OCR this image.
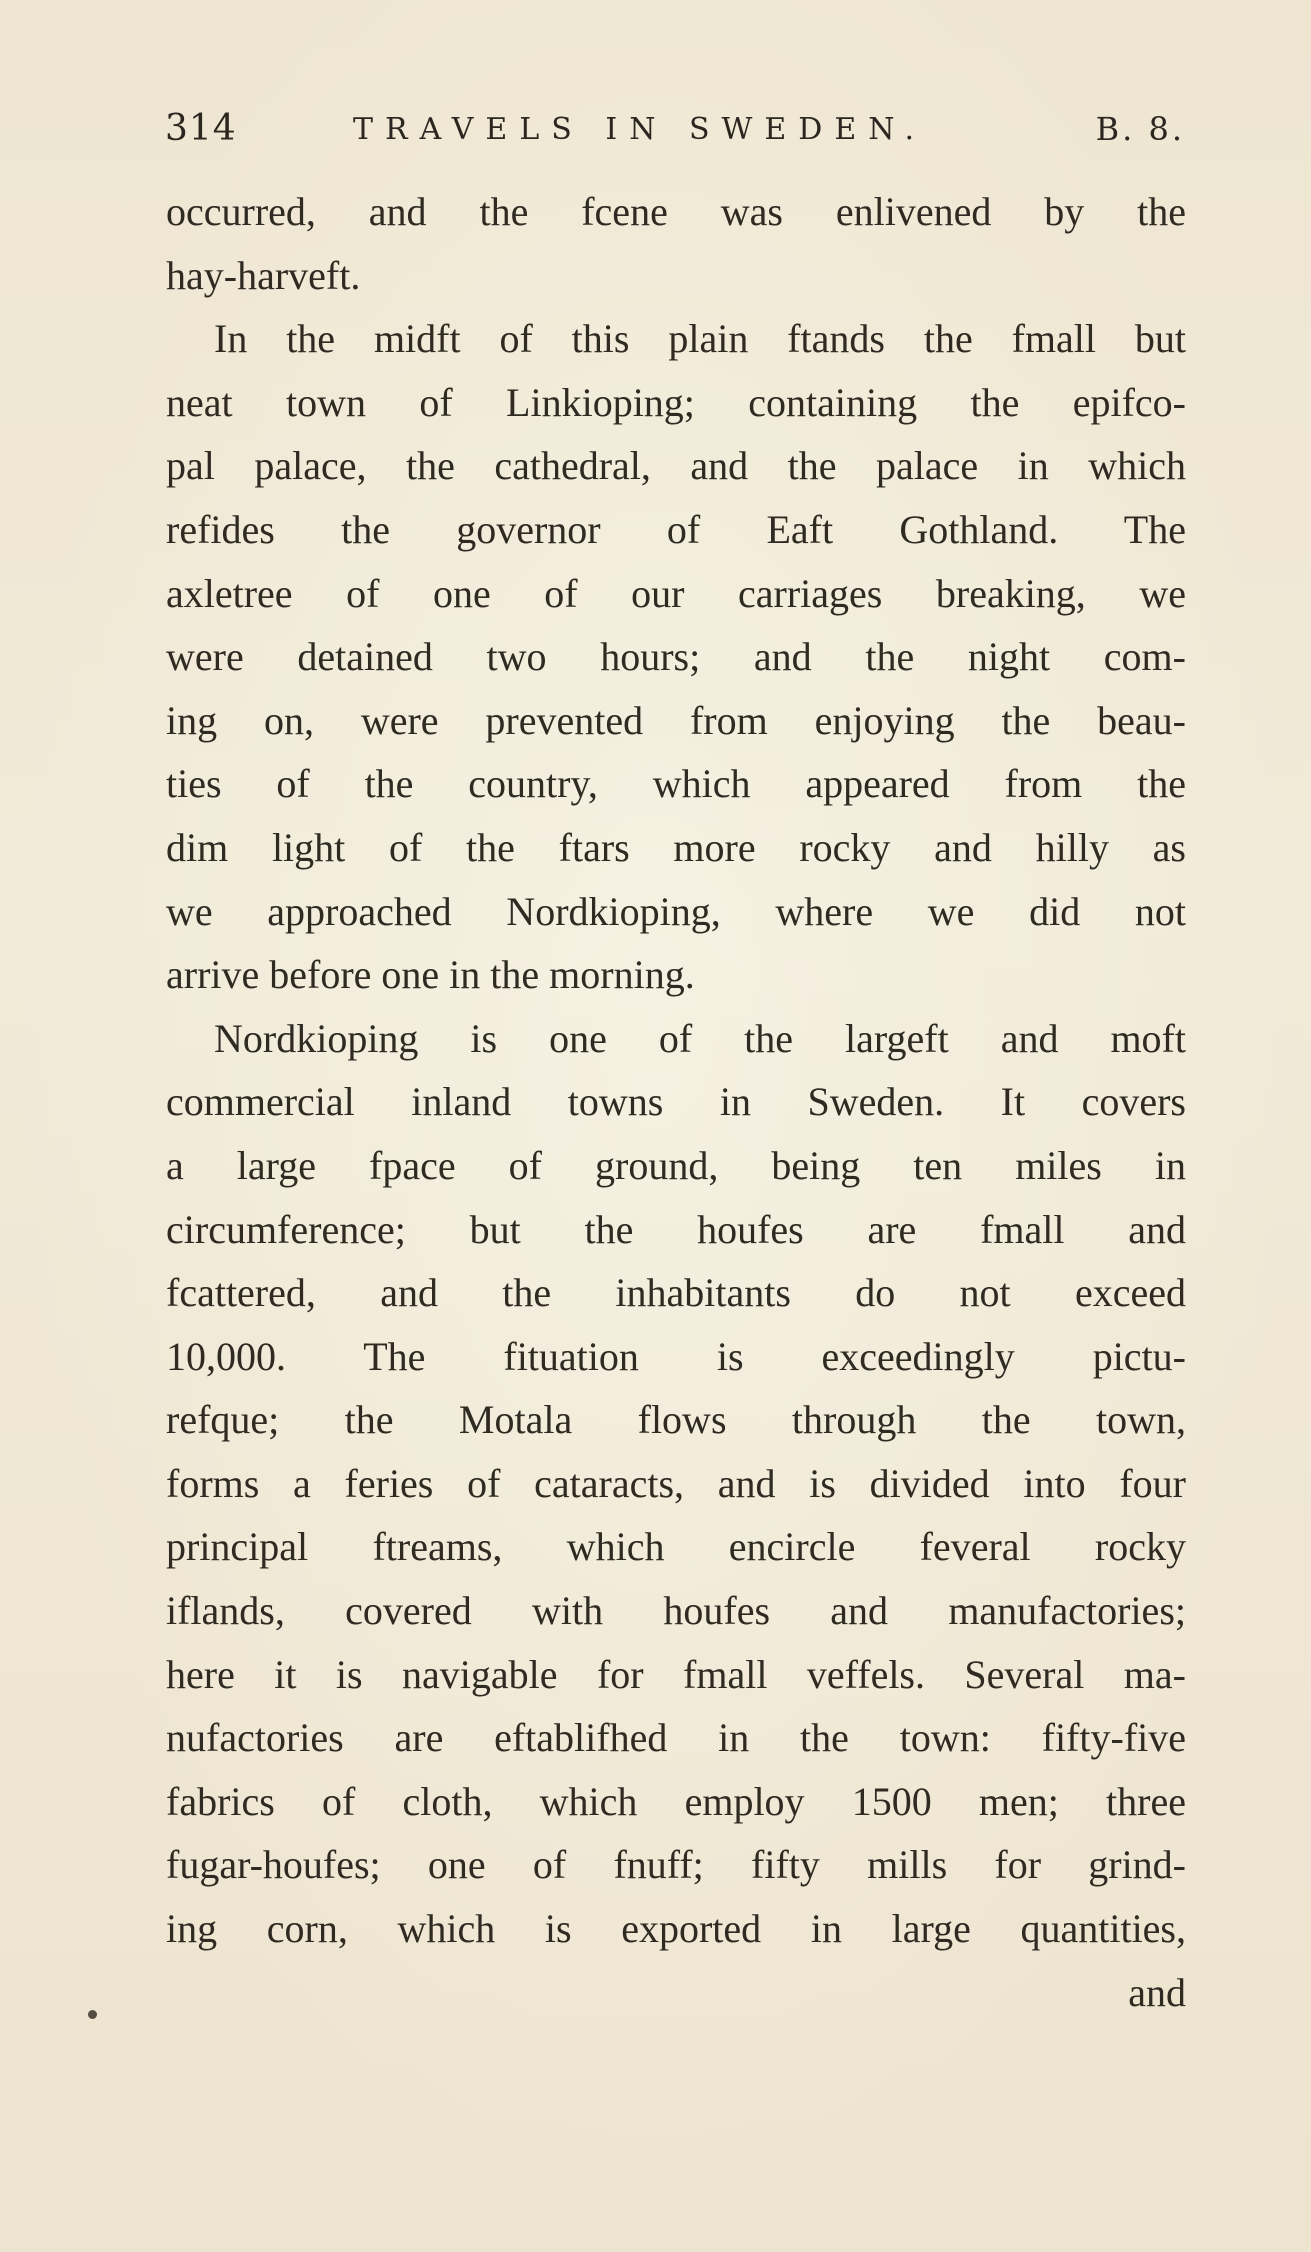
314	TRAVELS IN SWEDEN.	B. 8.
occurred, and the fcene was enlivened by the
hay-harveft.
In the midft of this plain ftands the fmall but
neat town of Linkioping; containing the epifco-
pal palace, the cathedral, and the palace in which
refides the governor of Eaft Gothland. The
axletree of one of our carriages breaking, we
were detained two hours; and the night com-
ing on, were prevented from enjoying the beau-
ties of the country, which appeared from the
dim light of the ftars more rocky and hilly as
we approached Nordkioping, where we did not
arrive before one in the morning.
Nordkioping is one of the largeft and moft
commercial inland towns in Sweden. It covers
a large fpace of ground, being ten miles in
circumference; but the houfes are fmall and
fcattered, and the inhabitants do not exceed
10,000. The fituation is exceedingly pictu-
refque; the Motala flows through the town,
forms a feries of cataracts, and is divided into four
principal ftreams, which encircle feveral rocky
iflands, covered with houfes and manufactories;
here it is navigable for fmall veffels. Several ma-
nufactories are eftablifhed in the town: fifty-five
fabrics of cloth, which employ 1500 men; three
fugar-houfes; one of fnuff; fifty mills for grind-
ing corn, which is exported in large quantities,
and
